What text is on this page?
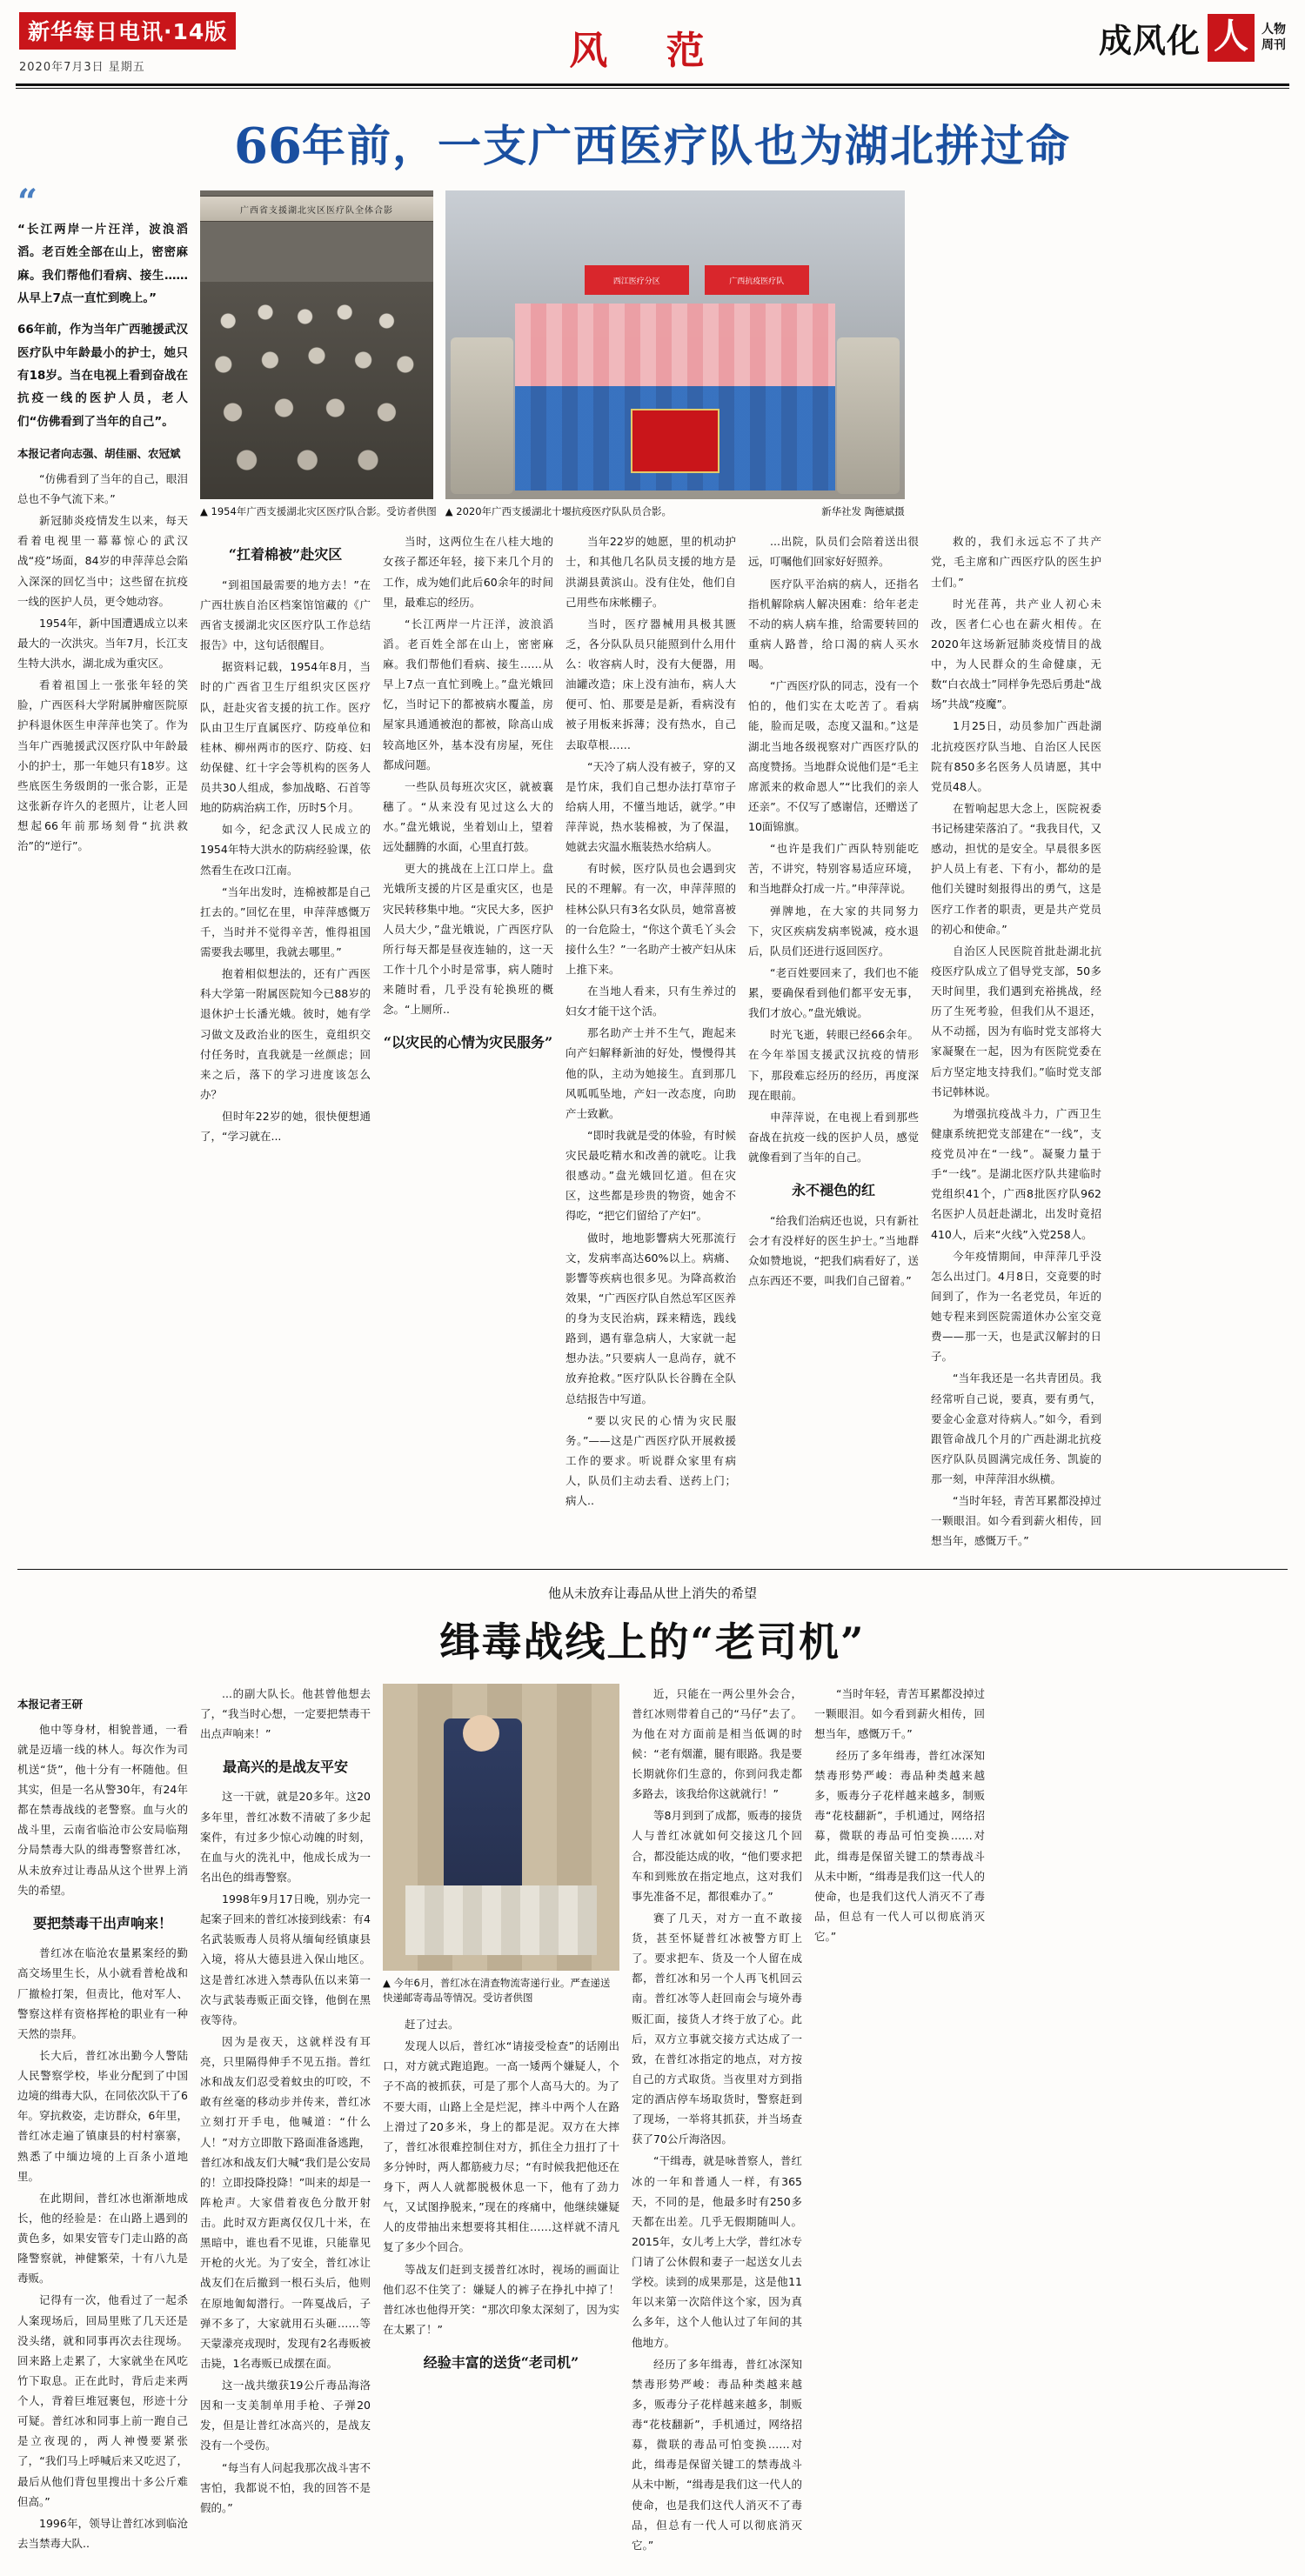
新华每日电讯·14版
2020年7月3日 星期五	风 范	成风化 人	人物
周刊
66年前，一支广西医疗队也为湖北拼过命
“
“长江两岸一片汪洋，波浪滔滔。老百姓全部在山上，密密麻麻。我们帮他们看病、接生……从早上7点一直忙到晚上。”
66年前，作为当年广西驰援武汉医疗队中年龄最小的护士，她只有18岁。当在电视上看到奋战在抗疫一线的医护人员，老人们“仿佛看到了当年的自己”。
本报记者向志强、胡佳丽、农冠斌

“仿佛看到了当年的自己，眼泪总也不争气流下来。”

新冠肺炎疫情发生以来，每天看着电视里一幕幕惊心的武汉战“疫”场面，84岁的申萍萍总会陷入深深的回忆当中；这些留在抗疫一线的医护人员，更令她动容。

1954年，新中国遭遇成立以来最大的一次洪灾。当年7月，长江支生特大洪水，湖北成为重灾区。

看着祖国上一张张年轻的笑脸，广西医科大学附属肿瘤医院原护科退休医生申萍萍也笑了。作为当年广西驰援武汉医疗队中年龄最小的护士，那一年她只有18岁。这些底医生务级朗的一张合影，正是这张新存许久的老照片，让老人回想起66年前那场刻骨“抗洪救治”的“逆行”。

广西省支援湖北灾区医疗队全体合影
▲ 1954年广西支援湖北灾区医疗队合影。受访者供图
西江医疗分区	广西抗疫医疗队
新华社发 陶德斌摄
▲ 2020年广西支援湖北十堰抗疫医疗队队员合影。
“扛着棉被”赴灾区

“到祖国最需要的地方去！”在广西壮族自治区档案馆馆藏的《广西省支援湖北灾区医疗队工作总结报告》中，这句话很醒目。

据资料记载，1954年8月，当时的广西省卫生厅组织灾区医疗队，赶赴灾省支援的抗工作。医疗队由卫生厅直属医疗、防疫单位和桂林、柳州两市的医疗、防疫、妇幼保健、红十字会等机构的医务人员共30人组成，参加战略、石首等地的防病治病工作，历时5个月。

如今，纪念武汉人民成立的1954年特大洪水的防病经验课，依然看生在改口江南。

“当年出发时，连棉被都是自己扛去的。”回忆在里，申萍萍感慨万千，当时并不觉得辛苦，惟得祖国需要我去哪里，我就去哪里。”

抱着相似想法的，还有广西医科大学第一附属医院知今已88岁的退休护士长潘光娥。彼时，她有学习做文及政治业的医生，竟组织交付任务时，直我就是一丝颜虑；回来之后，落下的学习进度该怎么办？

但时年22岁的她，很快便想通了，“学习就在...

当时，这两位生在八桂大地的女孩子都还年轻，接下来几个月的工作，成为她们此后60余年的时间里，最难忘的经历。

“长江两岸一片汪洋，波浪滔滔。老百姓全部在山上，密密麻麻。我们帮他们看病、接生……从早上7点一直忙到晚上。”盘光娥回忆，当时记下的都被病水覆盖，房屋家具通通被泡的都被，除高山成较高地区外，基本没有房屋，死住都成问题。

一些队员每班次灾区，就被襄穗了。“从来没有见过这么大的水。”盘光娥说，坐着划山上，望着远处翻腾的水面，心里直打鼓。

更大的挑战在上江口岸上。盘光娥所支援的片区是重灾区，也是灾民转移集中地。“灾民大多，医护人员大少，”盘光娥说，广西医疗队所行每天都是昼夜连轴的，这一天工作十几个小时是常事，病人随时来随时看，几乎没有轮换班的概念。“上厕所..

“以灾民的心情为灾民服务”

当年22岁的她愿，里的机动护士，和其他几名队员支援的地方是洪湖县黄滨山。没有住处，他们自己用些布床帐棚子。

当时，医疗器械用具极其匮乏，各分队队员只能照到什么用什么：收容病人时，没有大便器，用油罐改造；床上没有油布，病人大便可、怕、那要是是新，看病没有被子用板来拆薄；没有热水，自己去取草根……

“天冷了病人没有被子，穿的又是竹床，我们自己想办法打草帘子给病人用，不懂当地话，就学。”申萍萍说，热水装棉被，为了保温，她就去灾温水瓶装热水给病人。

有时候，医疗队员也会遇到灾民的不理解。有一次，申萍萍照的桂林公队只有3名女队员，她常喜被的一台危险士，“你这个黄毛丫头会接什么生？”一名助产士被产妇从床上推下来。

在当地人看来，只有生养过的妇女才能干这个活。

那名助产士并不生气，跑起来向产妇解释新油的好处，慢慢得其他的队，主动为她接生。直到那几风呱呱坠地，产妇一改态度，向助产士致歉。

“即时我就是受的体验，有时候灾民最吃精水和改善的就吃。让我很感动。”盘光娥回忆道。但在灾区，这些都是珍贵的物资，她舍不得吃，“把它们留给了产妇”。

做时，地地影響病大死那流行文，发病率高达60%以上。病痛、影響等疾病也很多见。为降高救治效果，“广西医疗队自然总军区医养的身为支民治病，踩来精选，践线路到，遇有靠急病人，大家就一起想办法。”只要病人一息尚存，就不放弃抢救。”医疗队队长谷腾在全队总结报告中写道。

“要以灾民的心情为灾民服务。”——这是广西医疗队开展救援工作的要求。听说群众家里有病人，队员们主动去看、送药上门；病人..

...出院，队员们会陪着送出很远，叮嘱他们回家好好照养。

医疗队平治病的病人，还指名指机解除病人解决困难：给年老走不动的病人病车推，给需要转回的重病人路普，给口渴的病人买水喝。

“广西医疗队的同志，没有一个怕的，他们实在太吃苦了。看病能，脸而足吸，态度又温和。”这是湖北当地各级视察对广西医疗队的高度赞扬。当地群众说他们是“毛主席派来的救命恩人”“比我们的亲人还亲”。不仅写了感谢信，还赠送了10面锦旗。

“也许是我们广西队特别能吃苦，不讲究，特别容易适应环境，和当地群众打成一片。”申萍萍说。

弹牌地，在大家的共同努力下，灾区疾病发病率锐减，疫水退后，队员们还进行返回医疗。

“老百姓要回来了，我们也不能累，要确保看到他们都平安无事，我们才放心。”盘光娥说。

时光飞逝，转眼已经66余年。在今年举国支援武汉抗疫的情形下，那段难忘经历的经历，再度深现在眼前。

申萍萍说，在电视上看到那些奋战在抗疫一线的医护人员，感觉就像看到了当年的自己。

永不褪色的红

“给我们治病还也说，只有新社会才有没样好的医生护士。”当地群众如赞地说，“把我们病看好了，送点东西还不要，叫我们自己留着。”

救的，我们永远忘不了共产党，毛主席和广西医疗队的医生护士们。”

时光荏苒，共产业人初心未改，医者仁心也在薪火相传。在2020年这场新冠肺炎疫情目的战中，为人民群众的生命健康，无数“白衣战士”同样争先恐后勇赴“战场”共战“疫魔”。

1月25日，动员参加广西赴湖北抗疫医疗队当地、自治区人民医院有850多名医务人员请愿，其中党员48人。

在暂响起思大念上，医院祝委书记杨建荣落泊了。“我我目代，又感动，担忧的是安全。早晨很多医护人员上有老、下有小，都幼的是他们关键时刻报得出的勇气，这是医疗工作者的职责，更是共产党员的初心和使命。”

自治区人民医院首批赴湖北抗疫医疗队成立了倡导党支部，50多天时间里，我们遇到充裕挑战，经历了生死考验，但我们从不退还，从不动摇，因为有临时党支部将大家凝聚在一起，因为有医院党委在后方坚定地支持我们。”临时党支部书记韩林说。

为增强抗疫战斗力，广西卫生健康系统把党支部建在“一线”，支疫党员冲在“一线”。凝聚力量于手“一线”。是湖北医疗队共建临时党组织41个，广西8批医疗队962名医护人员赶赴湖北，出发时竟招410人，后来“火线”入党258人。

今年疫情期间，申萍萍几乎没怎么出过门。4月8日，交竟要的时间到了，作为一名老党员，年近的她专程来到医院需道休办公室交竟费——那一天，也是武汉解封的日子。

“当年我还是一名共青团员。我经常听自己说，要真，要有勇气，要金心金意对待病人。”如今，看到跟管命战几个月的广西赴湖北抗疫医疗队队员圆满完成任务、凯旋的那一刻，申萍萍泪水纵横。

“当时年轻，青苦耳累都没掉过一颗眼泪。如今看到薪火相传，回想当年，感慨万千。”

他从未放弃让毒品从世上消失的希望
缉毒战线上的“老司机”
本报记者王研

他中等身材，相貌普通，一看就是迈墙一线的林人。每次作为司机送“货”，他十分有一杯随他。但其实，但是一名从警30年，有24年都在禁毒战线的老警察。血与火的战斗里，云南省临沧市公安局临翔分局禁毒大队的缉毒警察普红冰，从未放弃过让毒品从这个世界上消失的希望。

要把禁毒干出声响来！

普红冰在临沧农量累案经的勤高交场里生长，从小就看普枪战和厂撤检打架，但责比，他对军人、警察这样有资格挥枪的职业有一种天然的崇拜。

长大后，普红冰出勤今人警陆人民警察学校，毕业分配到了中国边境的缉毒大队，在同依次队干了6年。穿抗救姿，走访群众，6年里，普红冰走遍了镇康县的村村寨寨，熟悉了中缅边境的上百条小道地里。

在此期间，普红冰也渐渐地成长，他的经验是：在山路上遇到的黄色多，如果安管专门走山路的高隆警察就，神健繁荣，十有八九是毒贩。

记得有一次，他看过了一起杀人案现场后，回局里账了几天还是没头绪，就和同事再次去往现场。回来路上走累了，大家就坐在风吃竹下取息。正在此时，背后走来两个人，背着巨堆冠裹包，形迹十分可疑。普红冰和同事上前一跑自己是立夜现的，两人神慢要紧张了，“我们马上呼喊后来又吃迟了，最后从他们背包里搜出十多公斤难但高。”

1996年，领导让普红冰到临沧去当禁毒大队..

...的副大队长。他甚曾他想去了，“我当时心想，一定要把禁毒干出点声响来！”

最高兴的是战友平安

这一干就，就是20多年。这20多年里，普红冰数不清破了多少起案件，有过多少惊心动魄的时刻，在血与火的洗礼中，他成长成为一名出色的缉毒警察。

1998年9月17日晚，别办完一起案子回来的普红冰接到线索：有4名武装贩毒人员将从缅甸经镇康县入境，将从大德县进入保山地区。这是普红冰进入禁毒队伍以来第一次与武装毒贩正面交锋，他倒在黑夜等待。

因为是夜天，这就样没有耳亮，只里隔得伸手不见五指。普红冰和战友们忍受着蚊虫的叮咬，不敢有丝毫的移动步并传来，普红冰立刻打开手电，他喊道：“什么人！”对方立即散下路面准备逃跑，普红冰和战友们大喊“我们是公安局的！立即投降投降！”叫来的却是一阵枪声。大家借着夜色分散开射击。此时双方距离仅仅几十米，在黑暗中，谁也看不见谁，只能靠见开枪的火光。为了安全，普红冰让战友们在后撤到一根石头后，他则在原地匍匐潜行。一阵戛战后，子弹不多了，大家就用石头砸……等天蒙濛亮戎现时，发现有2名毒贩被击毙，1名毒贩已成摆在面。

这一战共缴获19公斤毒品海洛因和一支美制单用手枪、子弹20发，但是让普红冰高兴的，是战友没有一个受伤。

“每当有人问起我那次战斗害不害怕，我都说不怕，我的回答不是假的。”

▲ 今年6月，普红冰在清查物流寄递行业。严查递送快递邮寄毒品等情况。受访者供图

赶了过去。

发现人以后，普红冰“请接受检查”的话刚出口，对方就式跑追跑。一高一矮两个嫌疑人，个子不高的被抓获，可是了那个人高马大的。为了不要大雨，山路上全是烂泥，摔斗中两个人在路上滑过了20多米，身上的都是泥。双方在大摔了，普红冰很难控制住对方，抓住全力扭打了十多分钟时，两人都筋疲力尽；“有时候我把他还在身下，两人人就都脱极休息一下，他有了劲力气，又试图挣脱来，”现在的疼痛中，他继续嫌疑人的皮带抽出来想要将其相住……这样就不清凡复了多少个回合。

等战友们赶到支援普红冰时，视场的画面让他们忍不住笑了：嫌疑人的裤子在挣扎中掉了！普红冰也他得开笑：“那次印象太深刻了，因为实在太累了！”

经验丰富的送货“老司机”

近，只能在一两公里外会合，普红冰则带着自己的“马仔”去了。为他在对方面前是相当低调的时候：“老有烟灌，腿有眼路。我是要长期就你们生意的，你到问我走都多路去，该我给你这就就行！”

等8月到到了成都，贩毒的接货人与普红冰就如何交接这几个回合，都没能达成的收，“他们要求把车和到账放在指定地点，这对我们事先准备不足，都很难办了。”

赛了几天，对方一直不敢接货，甚至怀疑普红冰被警方盯上了。要求把车、货及一个人留在成都，普红冰和另一个人再飞机回云南。普红冰等人赶回南会与境外毒贩汇面，接货人才终于放了心。此后，双方立事就交接方式达成了一致，在普红冰指定的地点，对方按自己的方式取货。当夜里对方到指定的酒店停车场取货时，警察赶到了现场，一举将其抓获，并当场查获了70公斤海洛因。

“干缉毒，就是咏普察人，普红冰的一年和普通人一样，有365天，不同的是，他最多时有250多天都在出差。几乎无假期随叫人。2015年，女儿考上大学，普红冰专门请了公休假和妻子一起送女儿去学校。读到的成果那是，这是他11年以来第一次陪伴这个家，因为真么多年，这个人他认过了年间的其他地方。

经历了多年缉毒，普红冰深知禁毒形势严峻：毒品种类越来越多，贩毒分子花样越来越多，制贩毒“花枝翻新”，手机通过，网络招募，微联的毒品可怕变换……对此，缉毒是保留关键工的禁毒战斗从未中断，“缉毒是我们这一代人的使命，也是我们这代人消灭不了毒品，但总有一代人可以彻底消灭它。”

“当时年轻，青苦耳累都没掉过一颗眼泪。如今看到薪火相传，回想当年，感慨万千。”

经历了多年缉毒，普红冰深知禁毒形势严峻：毒品种类越来越多，贩毒分子花样越来越多，制贩毒“花枝翻新”，手机通过，网络招募，微联的毒品可怕变换……对此，缉毒是保留关键工的禁毒战斗从未中断，“缉毒是我们这一代人的使命，也是我们这代人消灭不了毒品，但总有一代人可以彻底消灭它。”
